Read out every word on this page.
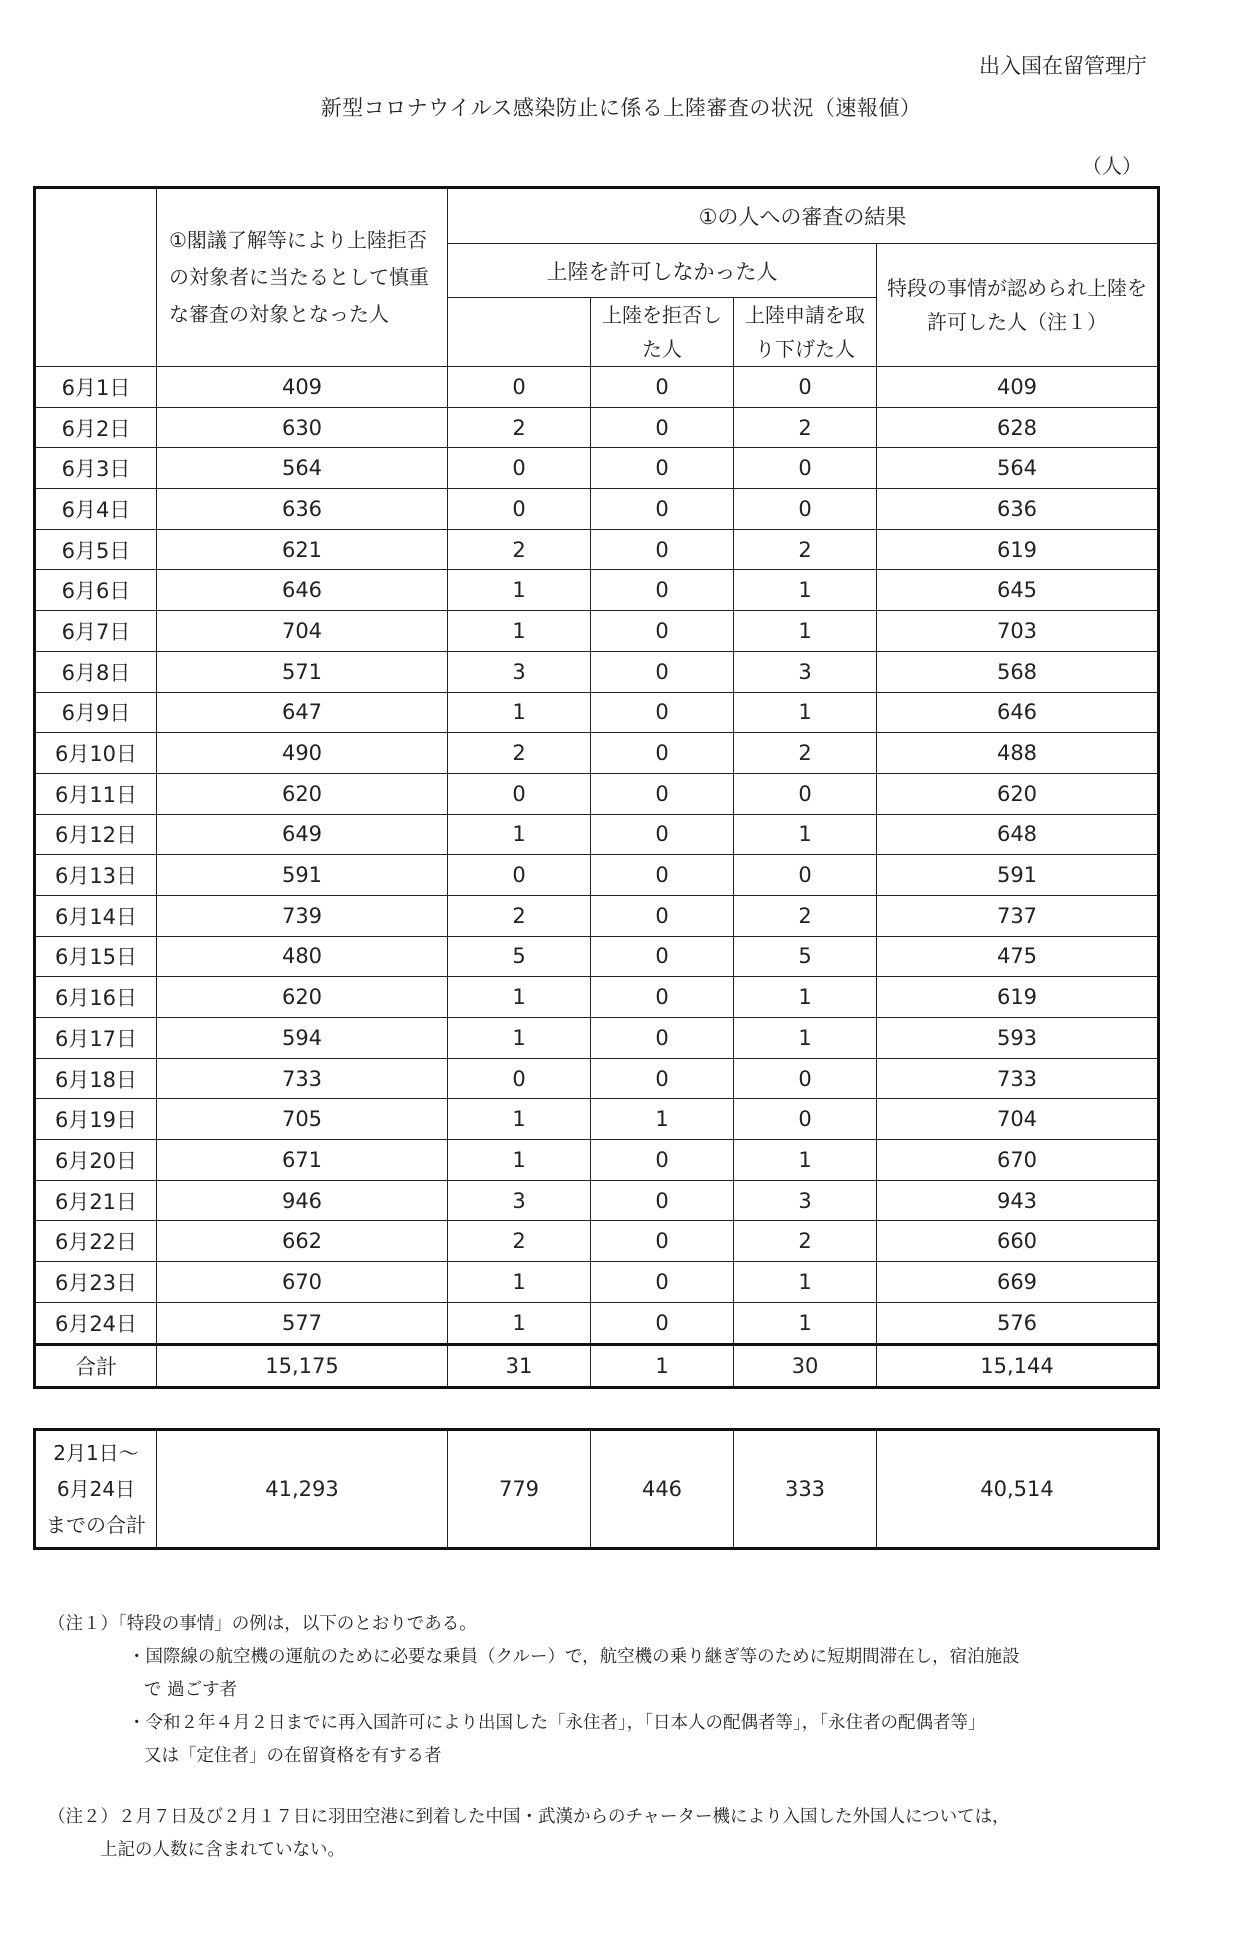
出入国在留管理庁
新型コロナウイルス感染防止に係る上陸審査の状況（速報値）
（人）
	①閣議了解等により上陸拒否の対象者に当たるとして慎重な審査の対象となった人	①の人への審査の結果			
		上陸を許可しなかった人			特段の事情が認められ上陸を許可した人（注１）
			上陸を拒否した人	上陸申請を取り下げた人	
6月1日	409	0	0	0	409
6月2日	630	2	0	2	628
6月3日	564	0	0	0	564
6月4日	636	0	0	0	636
6月5日	621	2	0	2	619
6月6日	646	1	0	1	645
6月7日	704	1	0	1	703
6月8日	571	3	0	3	568
6月9日	647	1	0	1	646
6月10日	490	2	0	2	488
6月11日	620	0	0	0	620
6月12日	649	1	0	1	648
6月13日	591	0	0	0	591
6月14日	739	2	0	2	737
6月15日	480	5	0	5	475
6月16日	620	1	0	1	619
6月17日	594	1	0	1	593
6月18日	733	0	0	0	733
6月19日	705	1	1	0	704
6月20日	671	1	0	1	670
6月21日	946	3	0	3	943
6月22日	662	2	0	2	660
6月23日	670	1	0	1	669
6月24日	577	1	0	1	576
合計	15,175	31	1	30	15,144
2月1日～
6月24日
までの合計
	41,293	779	446	333	40,514
（注１）「特段の事情」の例は，以下のとおりである。
・国際線の航空機の運航のために必要な乗員（クルー）で，航空機の乗り継ぎ等のために短期間滞在し，宿泊施設
で 過ごす者
・令和２年４月２日までに再入国許可により出国した「永住者」，「日本人の配偶者等」，「永住者の配偶者等」
又は「定住者」の在留資格を有する者
（注２）２月７日及び２月１７日に羽田空港に到着した中国・武漢からのチャーター機により入国した外国人については，
上記の人数に含まれていない。
